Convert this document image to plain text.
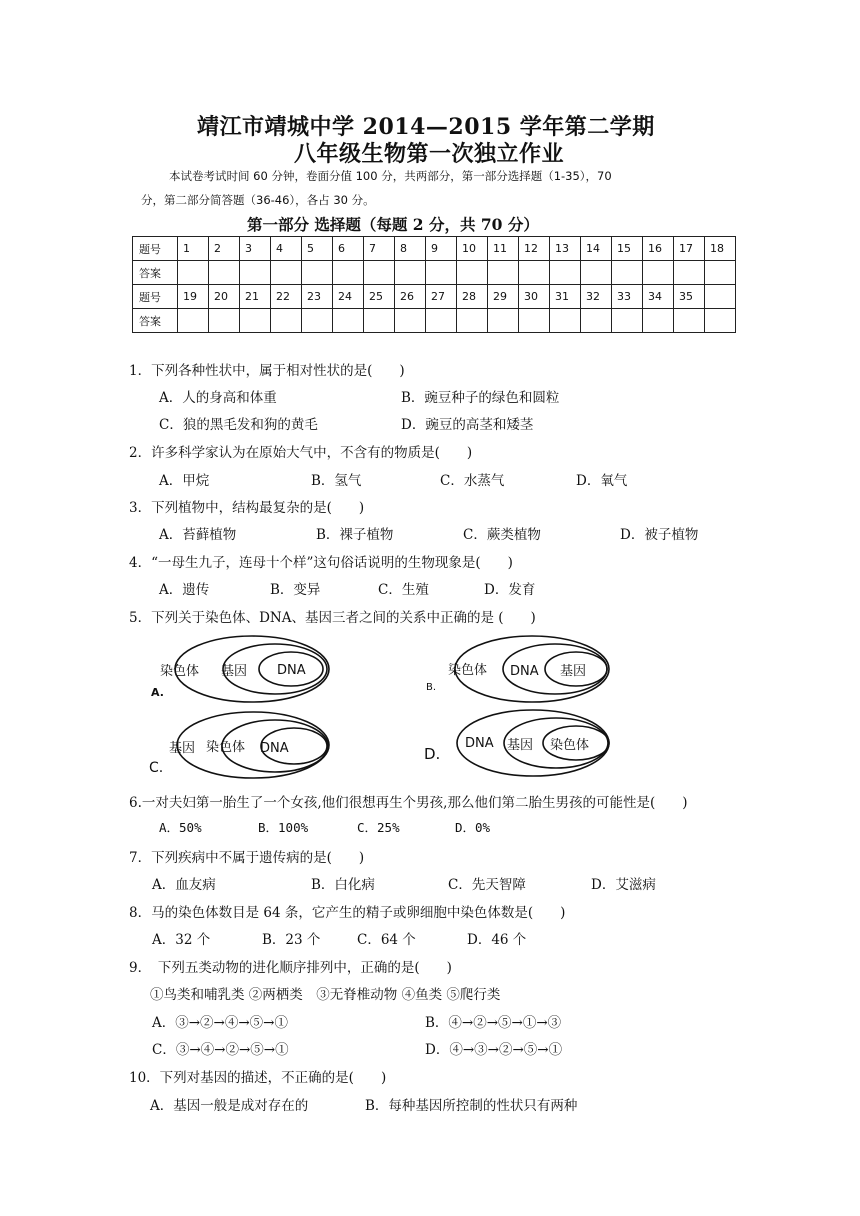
靖江市靖城中学 2014—2015 学年第二学期
八年级生物第一次独立作业
本试卷考试时间 60 分钟，卷面分值 100 分，共两部分，第一部分选择题（1-35），70
分，第二部分简答题（36-46），各占 30 分。
第一部分 选择题（每题 2 分，共 70 分）
题号	1	2	3	4	5	6	7	8	9	10	11	12	13	14	15	16	17	18
答案																		
题号	19	20	21	22	23	24	25	26	27	28	29	30	31	32	33	34	35	
答案																		
1．下列各种性状中，属于相对性状的是(　　)
A．人的身高和体重	B．豌豆种子的绿色和圆粒
C．狼的黑毛发和狗的黄毛	D．豌豆的高茎和矮茎
2．许多科学家认为在原始大气中，不含有的物质是(　　)
A．甲烷	B．氢气	C．水蒸气	D．氧气
3．下列植物中，结构最复杂的是(　　)
A．苔藓植物	B．裸子植物	C．蕨类植物	D．被子植物
4．“一母生九子，连母十个样”这句俗话说明的生物现象是(　　)
A．遗传	B．变异	C．生殖	D．发育
5．下列关于染色体、DNA、基因三者之间的关系中正确的是 (　　)
染色体 基因 DNA
A.
染色体 DNA 基因
B.
基因 染色体 DNA
C.
DNA 基因 染色体
D.
6.一对夫妇第一胎生了一个女孩,他们很想再生个男孩,那么他们第二胎生男孩的可能性是(　　)
A．50%	B．100%	C．25%	D．0%
7．下列疾病中不属于遗传病的是(　　)
A．血友病	B．白化病	C．先天智障	D．艾滋病
8．马的染色体数目是 64 条，它产生的精子或卵细胞中染色体数是(　　)
A．32 个	B．23 个	C．64 个	D．46 个
9．　下列五类动物的进化顺序排列中，正确的是(　　)
①鸟类和哺乳类 ②两栖类　③无脊椎动物 ④鱼类 ⑤爬行类
A．③→②→④→⑤→①	B．④→②→⑤→①→③
C．③→④→②→⑤→①	D．④→③→②→⑤→①
10．下列对基因的描述，不正确的是(　　)
A．基因一般是成对存在的	B．每种基因所控制的性状只有两种
